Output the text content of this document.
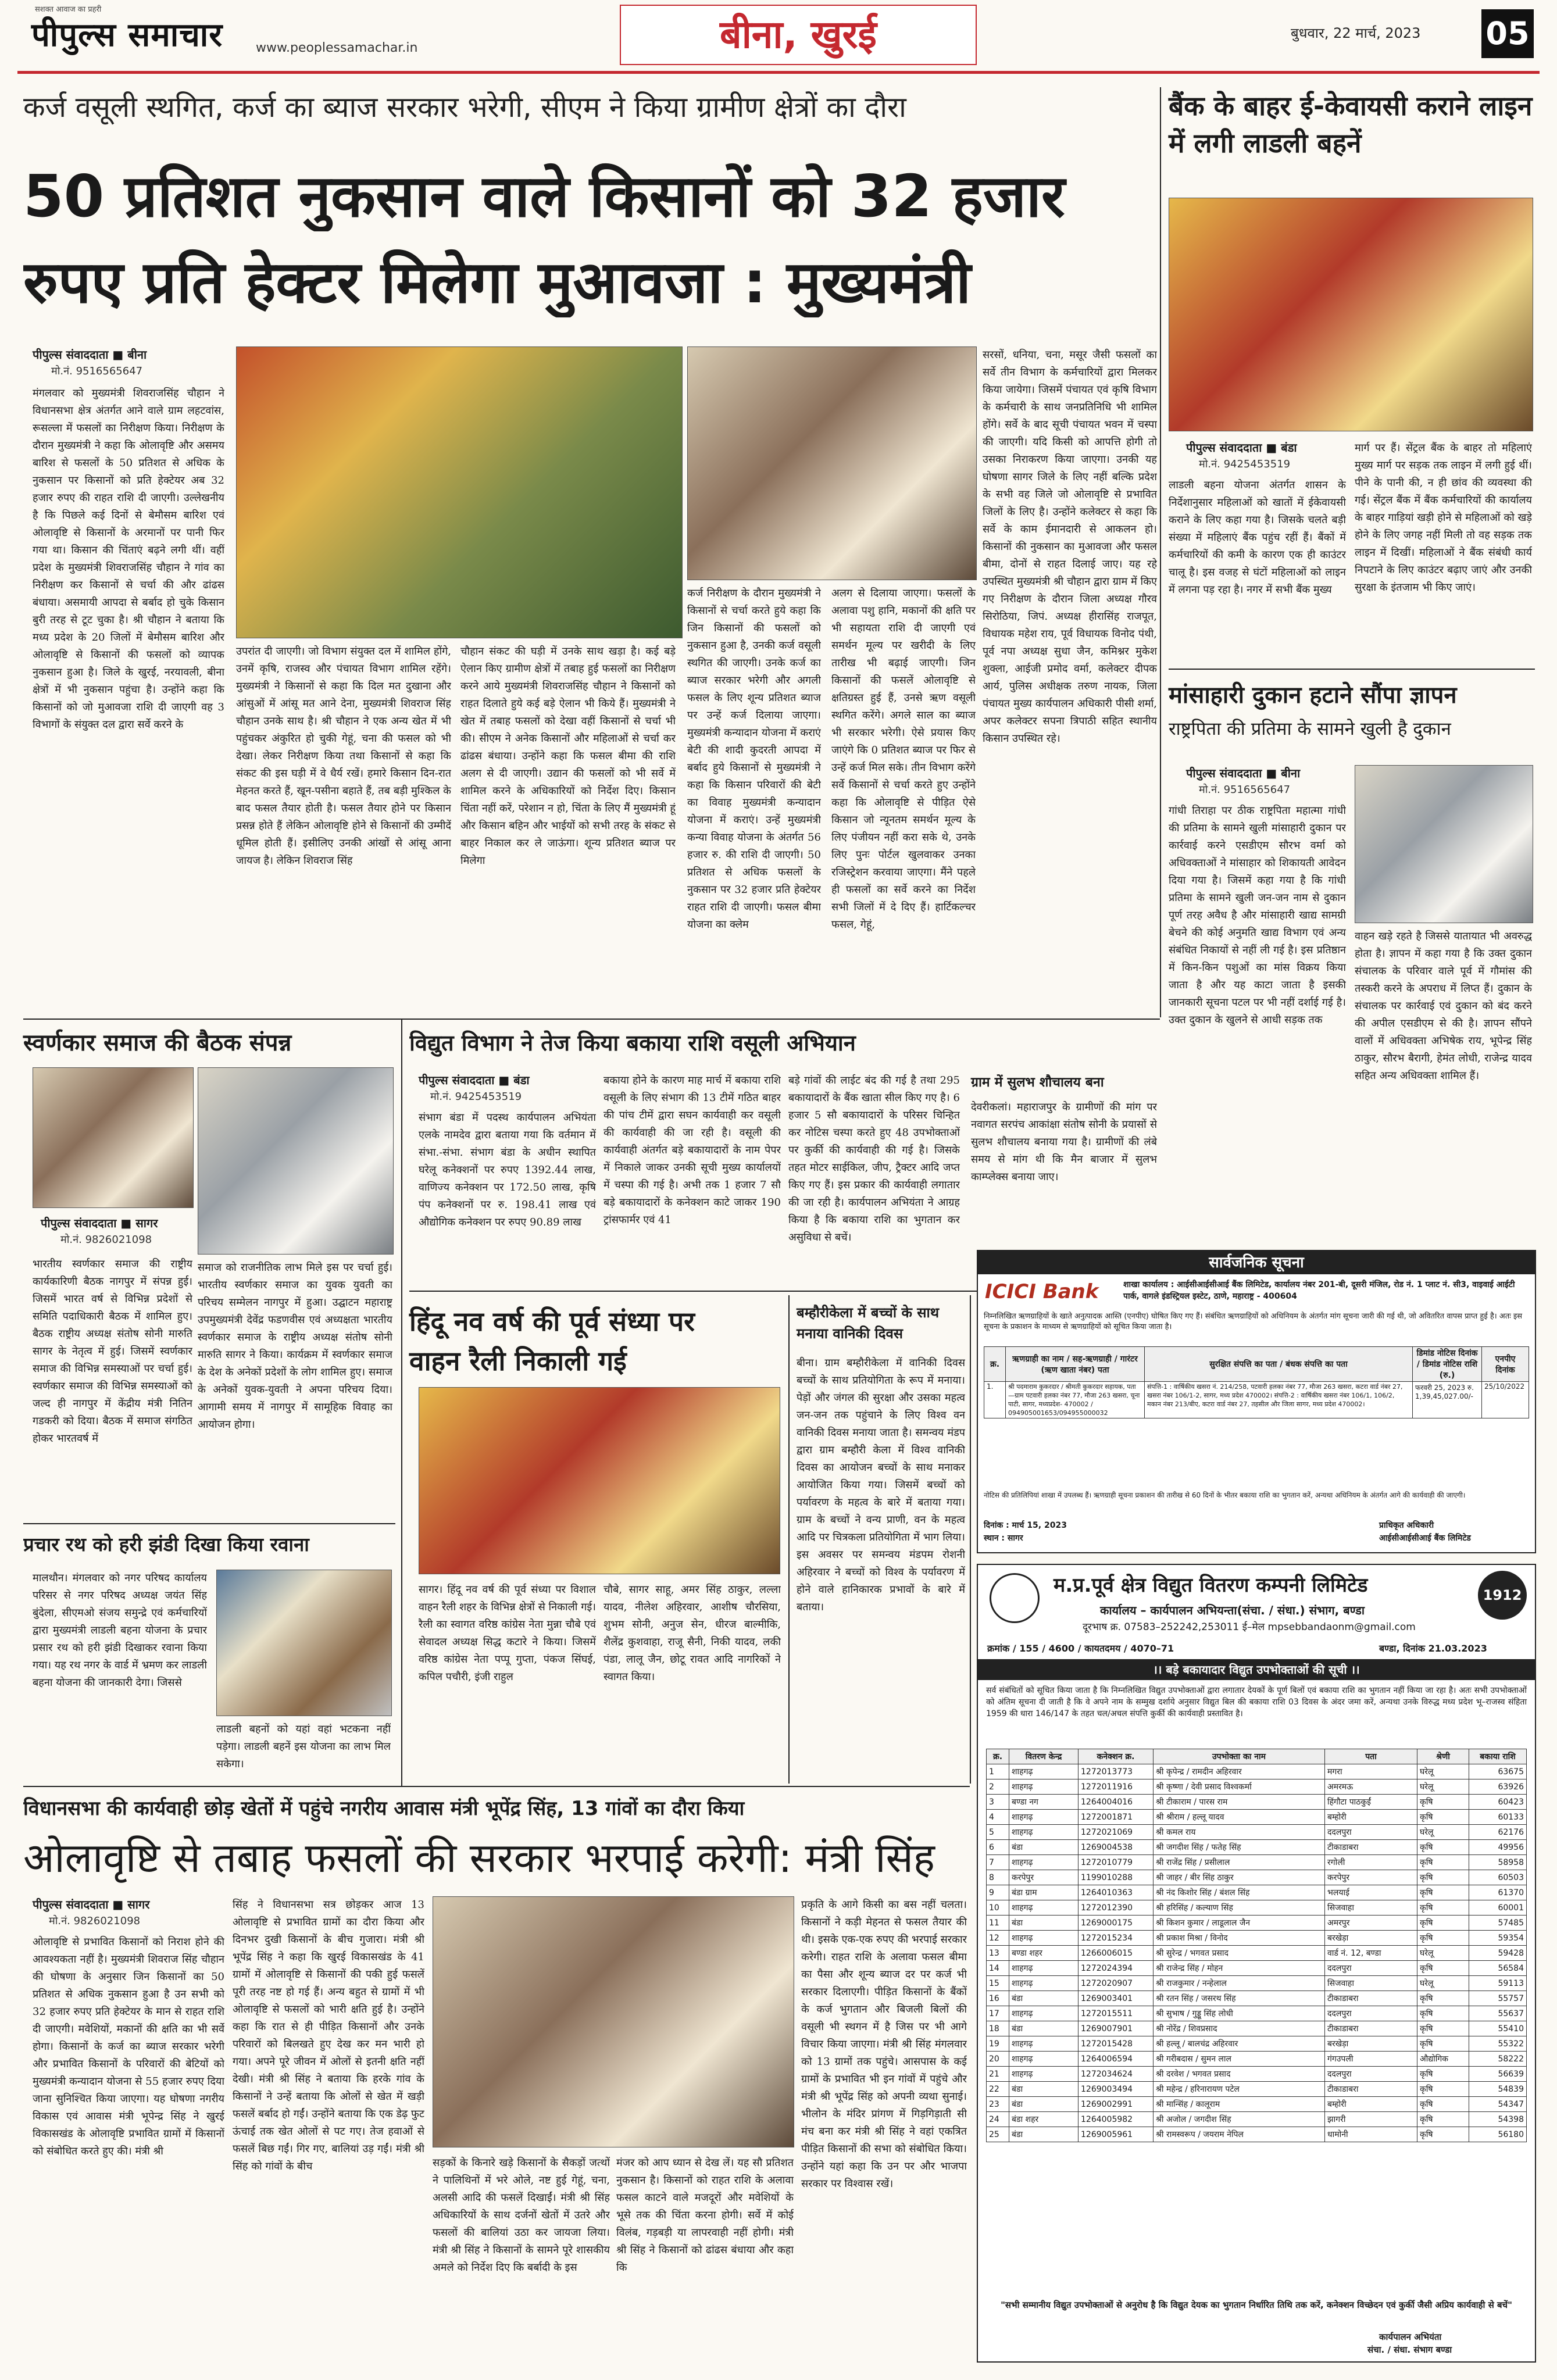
पीपुल्स समाचार
सशक्त आवाज का प्रहरी
www.peoplessamachar.in	बीना, खुरई	बुधवार, 22 मार्च, 2023 05
कर्ज वसूली स्थगित, कर्ज का ब्याज सरकार भरेगी, सीएम ने किया ग्रामीण क्षेत्रों का दौरा
50 प्रतिशत नुकसान वाले किसानों को 32 हजार
रुपए प्रति हेक्टर मिलेगा मुआवजा : मुख्यमंत्री
पीपुल्स संवाददाता ■ बीना
मो.नं. 9516565647
मंगलवार को मुख्यमंत्री शिवराजसिंह चौहान ने विधानसभा क्षेत्र अंतर्गत आने वाले ग्राम लहटवांस, रूसल्ला में फसलों का निरीक्षण किया। निरीक्षण के दौरान मुख्यमंत्री ने कहा कि ओलावृष्टि और असमय बारिश से फसलों के 50 प्रतिशत से अधिक के नुकसान पर किसानों को प्रति हेक्टेयर अब 32 हजार रुपए की राहत राशि दी जाएगी। उल्लेखनीय है कि पिछले कई दिनों से बेमौसम बारिश एवं ओलावृष्टि से किसानों के अरमानों पर पानी फिर गया था। किसान की चिंताएं बढ़ने लगी थीं। वहीं प्रदेश के मुख्यमंत्री शिवराजसिंह चौहान ने गांव का निरीक्षण कर किसानों से चर्चा की और ढांढस बंधाया। असमायी आपदा से बर्बाद हो चुके किसान बुरी तरह से टूट चुका है। श्री चौहान ने बताया कि मध्य प्रदेश के 20 जिलों में बेमौसम बारिश और ओलावृष्टि से किसानों की फसलों को व्यापक नुकसान हुआ है। जिले के खुरई, नरयावली, बीना क्षेत्रों में भी नुकसान पहुंचा है। उन्होंने कहा कि किसानों को जो मुआवजा राशि दी जाएगी वह 3 विभागों के संयुक्त दल द्वारा सर्वे करने के
उपरांत दी जाएगी। जो विभाग संयुक्त दल में शामिल होंगे, उनमें कृषि, राजस्व और पंचायत विभाग शामिल रहेंगे। मुख्यमंत्री ने किसानों से कहा कि दिल मत दुखाना और आंसुओं में आंसू मत आने देना, मुख्यमंत्री शिवराज सिंह चौहान उनके साथ है। श्री चौहान ने एक अन्य खेत में भी पहुंचकर अंकुरित हो चुकी गेहूं, चना की फसल को भी देखा। लेकर निरीक्षण किया तथा किसानों से कहा कि संकट की इस घड़ी में वे धैर्य रखें। हमारे किसान दिन-रात मेहनत करते हैं, खून-पसीना बहाते हैं, तब बड़ी मुश्किल के बाद फसल तैयार होती है। फसल तैयार होने पर किसान प्रसन्न होते हैं लेकिन ओलावृष्टि होने से किसानों की उम्मीदें धूमिल होती हैं। इसीलिए उनकी आंखों से आंसू आना जायज है। लेकिन शिवराज सिंह
चौहान संकट की घड़ी में उनके साथ खड़ा है। कई बड़े ऐलान किए ग्रामीण क्षेत्रों में तबाह हुई फसलों का निरीक्षण करने आये मुख्यमंत्री शिवराजसिंह चौहान ने किसानों को राहत दिलाते हुये कई बड़े ऐलान भी किये हैं। मुख्यमंत्री ने खेत में तबाह फसलों को देखा वहीं किसानों से चर्चा भी की। सीएम ने अनेक किसानों और महिलाओं से चर्चा कर ढांढस बंधाया। उन्होंने कहा कि फसल बीमा की राशि अलग से दी जाएगी। उद्यान की फसलों को भी सर्वे में शामिल करने के अधिकारियों को निर्देश दिए। किसान चिंता नहीं करें, परेशान न हो, चिंता के लिए मैं मुख्यमंत्री हूं और किसान बहिन और भाईयों को सभी तरह के संकट से बाहर निकाल कर ले जाऊंगा। शून्य प्रतिशत ब्याज पर मिलेगा
कर्ज निरीक्षण के दौरान मुख्यमंत्री ने किसानों से चर्चा करते हुये कहा कि जिन किसानों की फसलों को नुकसान हुआ है, उनकी कर्ज वसूली स्थगित की जाएगी। उनके कर्ज का ब्याज सरकार भरेगी और अगली फसल के लिए शून्य प्रतिशत ब्याज पर उन्हें कर्ज दिलाया जाएगा। मुख्यमंत्री कन्यादान योजना में कराएं बेटी की शादी कुदरती आपदा में बर्बाद हुये किसानों से मुख्यमंत्री ने कहा कि किसान परिवारों की बेटी का विवाह मुख्यमंत्री कन्यादान योजना में कराएं। उन्हें मुख्यमंत्री कन्या विवाह योजना के अंतर्गत 56 हजार रु. की राशि दी जाएगी। 50 प्रतिशत से अधिक फसलों के नुकसान पर 32 हजार प्रति हेक्टेयर राहत राशि दी जाएगी। फसल बीमा योजना का क्लेम
अलग से दिलाया जाएगा। फसलों के अलावा पशु हानि, मकानों की क्षति पर भी सहायता राशि दी जाएगी एवं समर्थन मूल्य पर खरीदी के लिए तारीख भी बढ़ाई जाएगी। जिन किसानों की फसलें ओलावृष्टि से क्षतिग्रस्त हुई हैं, उनसे ऋण वसूली स्थगित करेंगे। अगले साल का ब्याज भी सरकार भरेगी। ऐसे प्रयास किए जाएंगे कि 0 प्रतिशत ब्याज पर फिर से उन्हें कर्ज मिल सके। तीन विभाग करेंगे सर्वे किसानों से चर्चा करते हुए उन्होंने कहा कि ओलावृष्टि से पीड़ित ऐसे किसान जो न्यूनतम समर्थन मूल्य के लिए पंजीयन नहीं करा सके थे, उनके लिए पुनः पोर्टल खुलवाकर उनका रजिस्ट्रेशन करवाया जाएगा। मैंने पहले ही फसलों का सर्वे करने का निर्देश सभी जिलों में दे दिए हैं। हार्टिकल्चर फसल, गेहूं,
सरसों, धनिया, चना, मसूर जैसी फसलों का सर्वे तीन विभाग के कर्मचारियों द्वारा मिलकर किया जायेगा। जिसमें पंचायत एवं कृषि विभाग के कर्मचारी के साथ जनप्रतिनिधि भी शामिल होंगे। सर्वे के बाद सूची पंचायत भवन में चस्पा की जाएगी। यदि किसी को आपत्ति होगी तो उसका निराकरण किया जाएगा। उनकी यह घोषणा सागर जिले के लिए नहीं बल्कि प्रदेश के सभी वह जिले जो ओलावृष्टि से प्रभावित जिलों के लिए है। उन्होंने कलेक्टर से कहा कि सर्वे के काम ईमानदारी से आकलन हो। किसानों की नुकसान का मुआवजा और फसल बीमा, दोनों से राहत दिलाई जाए। यह रहे उपस्थित मुख्यमंत्री श्री चौहान द्वारा ग्राम में किए गए निरीक्षण के दौरान जिला अध्यक्ष गौरव सिरोठिया, जिपं. अध्यक्ष हीरासिंह राजपूत, विधायक महेश राय, पूर्व विधायक विनोद पंथी, पूर्व नपा अध्यक्ष सुधा जैन, कमिश्नर मुकेश शुक्ला, आईजी प्रमोद वर्मा, कलेक्टर दीपक आर्य, पुलिस अधीक्षक तरुण नायक, जिला पंचायत मुख्य कार्यपालन अधिकारी पीसी शर्मा, अपर कलेक्टर सपना त्रिपाठी सहित स्थानीय किसान उपस्थित रहे।
बैंक के बाहर ई-केवायसी कराने लाइन में लगी लाडली बहनें
पीपुल्स संवाददाता ■ बंडा
मो.नं. 9425453519
लाडली बहना योजना अंतर्गत शासन के निर्देशानुसार महिलाओं को खातों में ईकेवायसी कराने के लिए कहा गया है। जिसके चलते बड़ी संख्या में महिलाएं बैंक पहुंच रहीं हैं। बैंकों में कर्मचारियों की कमी के कारण एक ही काउंटर चालू है। इस वजह से घंटों महिलाओं को लाइन में लगना पड़ रहा है। नगर में सभी बैंक मुख्य
मार्ग पर हैं। सेंट्रल बैंक के बाहर तो महिलाएं मुख्य मार्ग पर सड़क तक लाइन में लगी हुई थीं। पीने के पानी की, न ही छांव की व्यवस्था की गई। सेंट्रल बैंक में बैंक कर्मचारियों की कार्यालय के बाहर गाड़ियां खड़ी होने से महिलाओं को खड़े होने के लिए जगह नहीं मिली तो वह सड़क तक लाइन में दिखीं। महिलाओं ने बैंक संबंधी कार्य निपटाने के लिए काउंटर बढ़ाए जाएं और उनकी सुरक्षा के इंतजाम भी किए जाएं।
मांसाहारी दुकान हटाने सौंपा ज्ञापन
राष्ट्रपिता की प्रतिमा के सामने खुली है दुकान
पीपुल्स संवाददाता ■ बीना
मो.नं. 9516565647
गांधी तिराहा पर ठीक राष्ट्रपिता महात्मा गांधी की प्रतिमा के सामने खुली मांसाहारी दुकान पर कार्रवाई करने एसडीएम सौरभ वर्मा को अधिवक्ताओं ने मांसाहार को शिकायती आवेदन दिया गया है। जिसमें कहा गया है कि गांधी प्रतिमा के सामने खुली जन-जन नाम से दुकान पूर्ण तरह अवैध है और मांसाहारी खाद्य सामग्री बेचने की कोई अनुमति खाद्य विभाग एवं अन्य संबंधित निकायों से नहीं ली गई है। इस प्रतिष्ठान में किन-किन पशुओं का मांस विक्रय किया जाता है और यह काटा जाता है इसकी जानकारी सूचना पटल पर भी नहीं दर्शाई गई है। उक्त दुकान के खुलने से आधी सड़क तक
वाहन खड़े रहते है जिससे यातायात भी अवरुद्ध होता है। ज्ञापन में कहा गया है कि उक्त दुकान संचालक के परिवार वाले पूर्व में गौमांस की तस्करी करने के अपराध में लिप्त हैं। दुकान के संचालक पर कार्रवाई एवं दुकान को बंद करने की अपील एसडीएम से की है। ज्ञापन सौंपने वालों में अधिवक्ता अभिषेक राय, भूपेन्द्र सिंह ठाकुर, सौरभ बैरागी, हेमंत लोधी, राजेन्द्र यादव सहित अन्य अधिवक्ता शामिल हैं।
स्वर्णकार समाज की बैठक संपन्न
पीपुल्स संवाददाता ■ सागर
मो.नं. 9826021098
भारतीय स्वर्णकार समाज की राष्ट्रीय कार्यकारिणी बैठक नागपुर में संपन्न हुई। जिसमें भारत वर्ष से विभिन्न प्रदेशों से समिति पदाधिकारी बैठक में शामिल हुए। बैठक राष्ट्रीय अध्यक्ष संतोष सोनी मारुति सागर के नेतृत्व में हुई। जिसमें स्वर्णकार समाज की विभिन्न समस्याओं पर चर्चा हुई। स्वर्णकार समाज की विभिन्न समस्याओं को जल्द ही नागपुर में केंद्रीय मंत्री नितिन गडकरी को दिया। बैठक में समाज संगठित होकर भारतवर्ष में
समाज को राजनीतिक लाभ मिले इस पर चर्चा हुई। भारतीय स्वर्णकार समाज का युवक युवती का परिचय सम्मेलन नागपुर में हुआ। उद्घाटन महाराष्ट्र उपमुख्यमंत्री देवेंद्र फडणवीस एवं अध्यक्षता भारतीय स्वर्णकार समाज के राष्ट्रीय अध्यक्ष संतोष सोनी मारुति सागर ने किया। कार्यक्रम में स्वर्णकार समाज के देश के अनेकों प्रदेशों के लोग शामिल हुए। समाज के अनेकों युवक-युवती ने अपना परिचय दिया। आगामी समय में नागपुर में सामूहिक विवाह का आयोजन होगा।
प्रचार रथ को हरी झंडी दिखा किया रवाना
मालथौन। मंगलवार को नगर परिषद कार्यालय परिसर से नगर परिषद अध्यक्ष जयंत सिंह बुंदेला, सीएमओ संजय समुन्द्रे एवं कर्मचारियों द्वारा मुख्यमंत्री लाडली बहना योजना के प्रचार प्रसार रथ को हरी झंडी दिखाकर रवाना किया गया। यह रथ नगर के वार्ड में भ्रमण कर लाडली बहना योजना की जानकारी देगा। जिससे
लाडली बहनों को यहां वहां भटकना नहीं पड़ेगा। लाडली बहनें इस योजना का लाभ मिल सकेगा।
विद्युत विभाग ने तेज किया बकाया राशि वसूली अभियान
पीपुल्स संवाददाता ■ बंडा
मो.नं. 9425453519
संभाग बंडा में पदस्थ कार्यपालन अभियंता एलके नामदेव द्वारा बताया गया कि वर्तमान में संभा.-संभा. संभाग बंडा के अधीन स्थापित घरेलू कनेक्शनों पर रुपए 1392.44 लाख, वाणिज्य कनेक्शन पर 172.50 लाख, कृषि पंप कनेक्शनों पर रु. 198.41 लाख एवं औद्योगिक कनेक्शन पर रुपए 90.89 लाख
बकाया होने के कारण माह मार्च में बकाया राशि वसूली के लिए संभाग की 13 टीमें गठित बाहर की पांच टीमें द्वारा सघन कार्यवाही कर वसूली की कार्यवाही की जा रही है। वसूली की कार्यवाही अंतर्गत बड़े बकायादारों के नाम पेपर में निकाले जाकर उनकी सूची मुख्य कार्यालयों में चस्पा की गई है। अभी तक 1 हजार 7 सौ बड़े बकायादारों के कनेक्शन काटे जाकर 190 ट्रांसफार्मर एवं 41
बड़े गांवों की लाईट बंद की गई है तथा 295 बकायादारों के बैंक खाता सील किए गए है। 6 हजार 5 सौ बकायादारों के परिसर चिन्हित कर नोटिस चस्पा करते हुए 48 उपभोक्ताओं पर कुर्की की कार्यवाही की गई है। जिसके तहत मोटर साईकिल, जीप, ट्रैक्टर आदि जप्त किए गए हैं। इस प्रकार की कार्यवाही लगातार की जा रही है। कार्यपालन अभियंता ने आग्रह किया है कि बकाया राशि का भुगतान कर असुविधा से बचें।
ग्राम में सुलभ शौचालय बना
देवरीकलां। महाराजपुर के ग्रामीणों की मांग पर नवागत सरपंच आकांक्षा संतोष सोनी के प्रयासों से सुलभ शौचालय बनाया गया है। ग्रामीणों की लंबे समय से मांग थी कि मैन बाजार में सुलभ काम्प्लेक्स बनाया जाए।
हिंदू नव वर्ष की पूर्व संध्या पर
वाहन रैली निकाली गई
सागर। हिंदू नव वर्ष की पूर्व संध्या पर विशाल वाहन रैली शहर के विभिन्न क्षेत्रों से निकाली गई। रैली का स्वागत वरिष्ठ कांग्रेस नेता मुन्ना चौबे एवं सेवादल अध्यक्ष सिद्ध कटारे ने किया। जिसमें वरिष्ठ कांग्रेस नेता पप्पू गुप्ता, पंकज सिंघई, कपिल पचौरी, इंजी राहुल
चौबे, सागर साहू, अमर सिंह ठाकुर, लल्ला यादव, नीलेश अहिरवार, आशीष चौरसिया, शुभम सोनी, अनुज सेन, धीरज बाल्मीकि, शैलेंद्र कुशवाहा, राजू सैनी, निकी यादव, लकी पंडा, लालू जैन, छोटू रावत आदि नागरिकों ने स्वागत किया।
बम्हौरीकेला में बच्चों के साथ मनाया वानिकी दिवस
बीना। ग्राम बम्हौरीकेला में वानिकी दिवस बच्चों के साथ प्रतियोगिता के रूप में मनाया। पेड़ों और जंगल की सुरक्षा और उसका महत्व जन-जन तक पहुंचाने के लिए विश्व वन वानिकी दिवस मनाया जाता है। समन्वय मंडप द्वारा ग्राम बम्हौरी केला में विश्व वानिकी दिवस का आयोजन बच्चों के साथ मनाकर आयोजित किया गया। जिसमें बच्चों को पर्यावरण के महत्व के बारे में बताया गया। ग्राम के बच्चों ने वन्य प्राणी, वन के महत्व आदि पर चित्रकला प्रतियोगिता में भाग लिया। इस अवसर पर समन्वय मंडपम रोशनी अहिरवार ने बच्चों को विश्व के पर्यावरण में होने वाले हानिकारक प्रभावों के बारे में बताया।
सार्वजनिक सूचना
ICICI Bank	शाखा कार्यालय : आईसीआईसीआई बैंक लिमिटेड, कार्यालय नंबर 201-बी, दूसरी मंजिल, रोड नं. 1 प्लाट नं. सी3, वाइवाई आईटी पार्क, वागले इंडस्ट्रियल इस्टेट, ठाणे, महाराष्ट्र - 400604
निम्नलिखित ऋणग्राहियों के खाते अनुत्पादक आस्ति (एनपीए) घोषित किए गए हैं। संबंधित ऋणग्राहियों को अधिनियम के अंतर्गत मांग सूचना जारी की गई थी, जो अवितरित वापस प्राप्त हुई है। अतः इस सूचना के प्रकाशन के माध्यम से ऋणग्राहियों को सूचित किया जाता है।
क्र.	ऋणग्राही का नाम / सह-ऋणग्राही / गारंटर (ऋण खाता नंबर) पता	सुरक्षित संपत्ति का पता / बंधक संपत्ति का पता	डिमांड नोटिस दिनांक / डिमांड नोटिस राशि (रु.)	एनपीए दिनांक
1.	श्री पदमाराम कुकरदार / श्रीमती कुकरदार सहायक, पता—ग्राम पटवारी हलका नंबर 77, मौजा 263 खसरा, चूना पाटी, सागर, मध्यप्रदेश- 470002 / 094905001653/094955000032	संपत्ति-1 : वार्षिकीय खसरा नं. 214/258, पटवारी हलका नंबर 77, मौजा 263 खसरा, कटरा वार्ड नंबर 27, खसरा नंबर 106/1-2, सागर, मध्य प्रदेश 470002। संपत्ति-2 : वार्षिकीय खसरा नंबर 106/1, 106/2, मकान नंबर 213/बीए, कटरा वार्ड नंबर 27, तहसील और जिला सागर, मध्य प्रदेश 470002।	फरवरी 25, 2023 रु. 1,39,45,027.00/-	25/10/2022
नोटिस की प्रतिलिपियां शाखा में उपलब्ध हैं। ऋणग्राही सूचना प्रकाशन की तारीख से 60 दिनों के भीतर बकाया राशि का भुगतान करें, अन्यथा अधिनियम के अंतर्गत आगे की कार्यवाही की जाएगी।
दिनांक : मार्च 15, 2023
स्थान : सागर
प्राधिकृत अधिकारी
आईसीआईसीआई बैंक लिमिटेड
म.प्र.पूर्व क्षेत्र विद्युत वितरण कम्पनी लिमिटेड
कार्यालय – कार्यपालन अभियन्ता(संचा. / संधा.) संभाग, बण्डा
दूरभाष क्र. 07583–252242,253011 ई–मेल mpsebbandaonm@gmail.com
1912
क्रमांक / 155 / 4600 / कायतदमय / 4070–71	बण्डा, दिनांक 21.03.2023
।। बड़े बकायादार विद्युत उपभोक्ताओं की सूची ।।
सर्व संबंधितों को सूचित किया जाता है कि निम्नलिखित विद्युत उपभोक्ताओं द्वारा लगातार देयकों के पूर्ण बिलों एवं बकाया राशि का भुगतान नहीं किया जा रहा है। अतः सभी उपभोक्ताओं को अंतिम सूचना दी जाती है कि वे अपने नाम के सम्मुख दर्शाये अनुसार विद्युत बिल की बकाया राशि 03 दिवस के अंदर जमा करें, अन्यथा उनके विरुद्ध मध्य प्रदेश भू–राजस्व संहिता 1959 की धारा 146/147 के तहत चल/अचल संपत्ति कुर्की की कार्यवाही प्रस्तावित है।
क्र.	वितरण केन्द्र	कनेक्शन क्र.	उपभोक्ता का नाम	पता	श्रेणी	बकाया राशि
1	शाहगढ़	1272013773	श्री कृपेन्द्र / रामदीन अहिरवार	मगरा	घरेलू	63675
2	शाहगढ़	1272011916	श्री कृष्णा / देवी प्रसाद विश्वकर्मा	अमरमऊ	घरेलू	63926
3	बण्डा नग	1264004016	श्री टीकाराम / पारस राम	हिंगौटा पाठकुईं	कृषि	60423
4	शाहगढ़	1272001871	श्री श्रीराम / हल्लू यादव	बम्होरी	कृषि	60133
5	शाहगढ़	1272021069	श्री कमल राय	ददलपुरा	घरेलू	62176
6	बंडा	1269004538	श्री जगदीश सिंह / फतेह सिंह	टीकाडाबरा	कृषि	49956
7	शाहगढ़	1272010779	श्री राजेंद्र सिंह / प्रसीलाल	रगोली	कृषि	58958
8	करपेपुर	1199010288	श्री जाहर / बीर सिंह ठाकुर	करपेपुर	कृषि	60503
9	बंडा ग्राम	1264010363	श्री नंद किशोर सिंह / बंशल सिंह	भलयाई	कृषि	61370
10	शाहगढ़	1272012390	श्री हरिसिंह / कल्याण सिंह	सिजवाहा	कृषि	60001
11	बंडा	1269000175	श्री किशन कुमार / लाडूलाल जैन	अमरपुर	कृषि	57485
12	शाहगढ़	1272015234	श्री प्रकाश मिश्रा / विनोद	बरखेड़ा	कृषि	59354
13	बण्डा शहर	1266006015	श्री सुरेन्द्र / भगवत प्रसाद	वार्ड नं. 12, बण्डा	घरेलू	59428
14	शाहगढ़	1272024394	श्री राजेन्द्र सिंह / मोहन	ददलपुरा	कृषि	56584
15	शाहगढ़	1272020907	श्री राजकुमार / नन्हेलाल	सिजवाहा	घरेलू	59113
16	बंडा	1269003401	श्री रतन सिंह / जसरथ सिंह	टीकाडाबरा	कृषि	55757
17	शाहगढ़	1272015511	श्री सुभाष / गुड्डू सिंह लोधी	ददलपुरा	कृषि	55637
18	बंडा	1269007901	श्री नोरेंद्र / शिवप्रसाद	टीकाडाबरा	कृषि	55410
19	शाहगढ़	1272015428	श्री हल्लू / बालचंद्र अहिरवार	बरखेड़ा	कृषि	55322
20	शाहगढ़	1264006594	श्री गरीबदास / सुमन लाल	गंगउपली	औद्योगिक	58222
21	शाहगढ़	1272034624	श्री दरवेश / भगवत प्रसाद	ददलपुरा	कृषि	56639
22	बंडा	1269003494	श्री महेन्द्र / हरिनारायण पटेल	टीकाडाबरा	कृषि	54839
23	बंडा	1269002991	श्री मान्सिंह / कालूराम	बम्होरी	कृषि	54347
24	बंडा शहर	1264005982	श्री अजोल / जगदीश सिंह	झागरी	कृषि	54398
25	बंडा	1269005961	श्री रामस्वरूप / जयराम नेपिल	धामोनी	कृषि	56180
"सभी सम्मानीय विद्युत उपभोक्ताओं से अनुरोध है कि विद्युत देयक का भुगतान निर्धारित तिथि तक करें, कनेक्शन विच्छेदन एवं कुर्की जैसी अप्रिय कार्यवाही से बचें"
कार्यपालन अभियंता
संचा. / संधा. संभाग बण्डा
विधानसभा की कार्यवाही छोड़ खेतों में पहुंचे नगरीय आवास मंत्री भूपेंद्र सिंह, 13 गांवों का दौरा किया
ओलावृष्टि से तबाह फसलों की सरकार भरपाई करेगी: मंत्री सिंह
पीपुल्स संवाददाता ■ सागर
मो.नं. 9826021098
ओलावृष्टि से प्रभावित किसानों को निराश होने की आवश्यकता नहीं है। मुख्यमंत्री शिवराज सिंह चौहान की घोषणा के अनुसार जिन किसानों का 50 प्रतिशत से अधिक नुकसान हुआ है उन सभी को 32 हजार रुपए प्रति हेक्टेयर के मान से राहत राशि दी जाएगी। मवेशियों, मकानों की क्षति का भी सर्वे होगा। किसानों के कर्ज का ब्याज सरकार भरेगी और प्रभावित किसानों के परिवारों की बेटियों को मुख्यमंत्री कन्यादान योजना से 55 हजार रुपए दिया जाना सुनिश्चित किया जाएगा। यह घोषणा नगरीय विकास एवं आवास मंत्री भूपेन्द्र सिंह ने खुरई विकासखंड के ओलावृष्टि प्रभावित ग्रामों में किसानों को संबोधित करते हुए की। मंत्री श्री
सिंह ने विधानसभा सत्र छोड़कर आज 13 ओलावृष्टि से प्रभावित ग्रामों का दौरा किया और दिनभर दुखी किसानों के बीच गुजारा। मंत्री श्री भूपेंद्र सिंह ने कहा कि खुरई विकासखंड के 41 ग्रामों में ओलावृष्टि से किसानों की पकी हुई फसलें पूरी तरह नष्ट हो गई हैं। अन्य बहुत से ग्रामों में भी ओलावृष्टि से फसलों को भारी क्षति हुई है। उन्होंने कहा कि रात से ही पीड़ित किसानों और उनके परिवारों को बिलखते हुए देख कर मन भारी हो गया। अपने पूरे जीवन में ओलों से इतनी क्षति नहीं देखी। मंत्री श्री सिंह ने बताया कि हरके गांव के किसानों ने उन्हें बताया कि ओलों से खेत में खड़ी फसलें बर्बाद हो गईं। उन्होंने बताया कि एक डेढ़ फुट ऊंचाई तक खेत ओलों से पट गए। तेज हवाओं से फसलें बिछ गईं। गिर गए, बालियां उड़ गईं। मंत्री श्री सिंह को गांवों के बीच	सड़कों के किनारे खड़े किसानों के सैकड़ों जत्थों ने पालिथिनों में भरे ओले, नष्ट हुई गेहूं, चना, अलसी आदि की फसलें दिखाईं। मंत्री श्री सिंह अधिकारियों के साथ दर्जनों खेतों में उतरे और फसलों की बालियां उठा कर जायजा लिया। मंत्री श्री सिंह ने किसानों के सामने पूरे शासकीय अमले को निर्देश दिए कि बर्बादी के इस
मंजर को आप ध्यान से देख लें। यह सौ प्रतिशत नुकसान है। किसानों को राहत राशि के अलावा फसल काटने वाले मजदूरों और मवेशियों के भूसे तक की चिंता करना होगी। सर्वे में कोई विलंब, गड़बड़ी या लापरवाही नहीं होगी। मंत्री श्री सिंह ने किसानों को ढांढस बंधाया और कहा कि
प्रकृति के आगे किसी का बस नहीं चलता। किसानों ने कड़ी मेहनत से फसल तैयार की थी। इसके एक-एक रुपए की भरपाई सरकार करेगी। राहत राशि के अलावा फसल बीमा का पैसा और शून्य ब्याज दर पर कर्ज भी सरकार दिलाएगी। पीड़ित किसानों के बैंकों के कर्ज भुगतान और बिजली बिलों की वसूली भी स्थगन में है जिस पर भी आगे विचार किया जाएगा। मंत्री श्री सिंह मंगलवार को 13 ग्रामों तक पहुंचे। आसपास के कई ग्रामों के प्रभावित भी इन गांवों में पहुंचे और मंत्री श्री भूपेंद्र सिंह को अपनी व्यथा सुनाई। भीलोन के मंदिर प्रांगण में गिड़गिड़ाती सी मंच बना कर मंत्री श्री सिंह ने वहां एकत्रित पीड़ित किसानों की सभा को संबोधित किया। उन्होंने यहां कहा कि उन पर और भाजपा सरकार पर विश्वास रखें।
